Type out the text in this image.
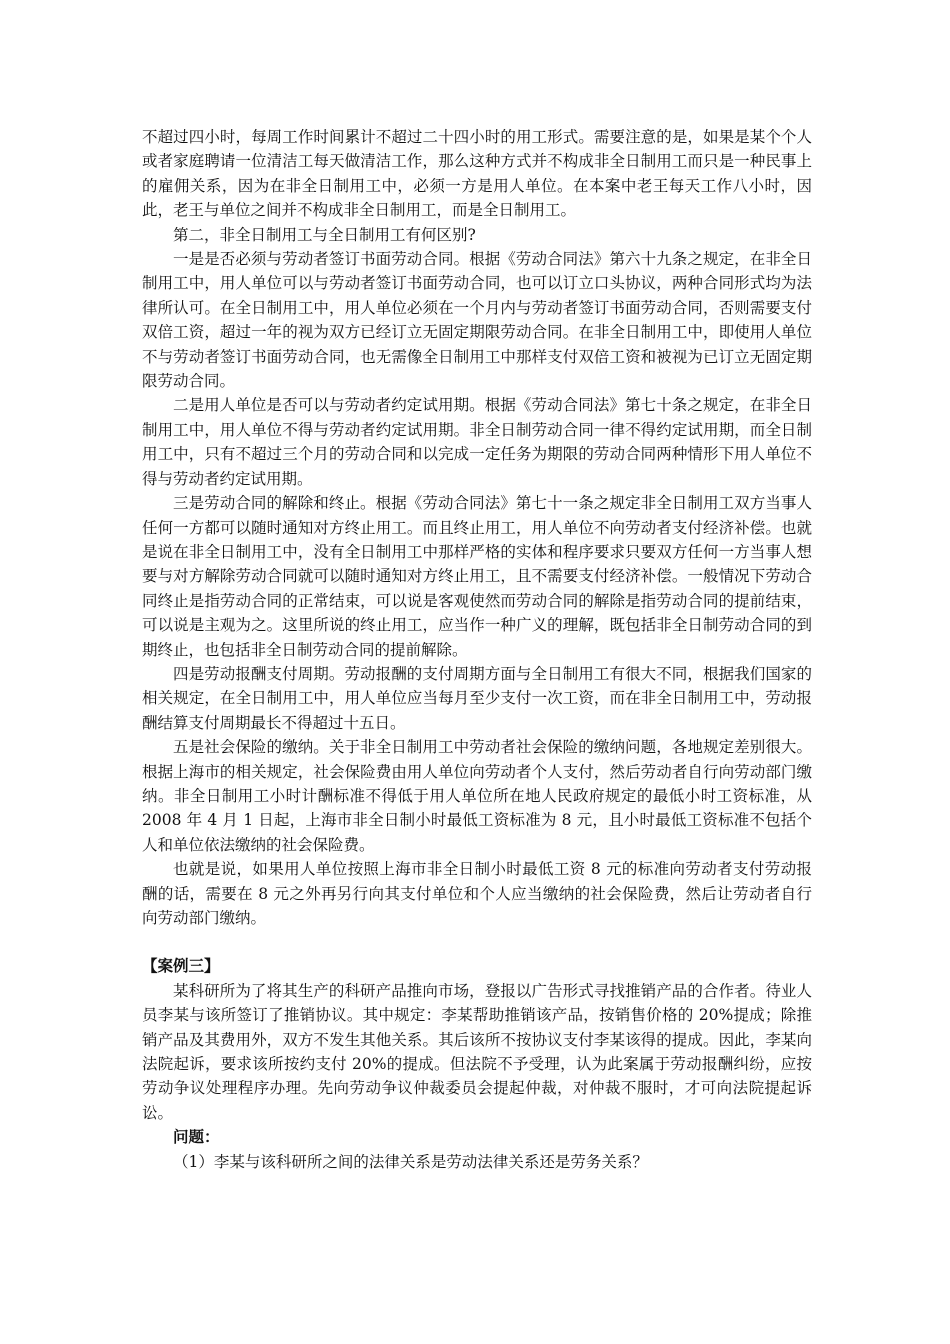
不超过四小时，每周工作时间累计不超过二十四小时的用工形式。需要注意的是，如果是某个个人或者家庭聘请一位清洁工每天做清洁工作，那么这种方式并不构成非全日制用工而只是一种民事上的雇佣关系，因为在非全日制用工中，必须一方是用人单位。在本案中老王每天工作八小时，因此，老王与单位之间并不构成非全日制用工，而是全日制用工。

第二，非全日制用工与全日制用工有何区别?

一是是否必须与劳动者签订书面劳动合同。根据《劳动合同法》第六十九条之规定，在非全日制用工中，用人单位可以与劳动者签订书面劳动合同，也可以订立口头协议，两种合同形式均为法律所认可。在全日制用工中，用人单位必须在一个月内与劳动者签订书面劳动合同，否则需要支付双倍工资，超过一年的视为双方已经订立无固定期限劳动合同。在非全日制用工中，即使用人单位不与劳动者签订书面劳动合同，也无需像全日制用工中那样支付双倍工资和被视为已订立无固定期限劳动合同。

二是用人单位是否可以与劳动者约定试用期。根据《劳动合同法》第七十条之规定，在非全日制用工中，用人单位不得与劳动者约定试用期。非全日制劳动合同一律不得约定试用期，而全日制用工中，只有不超过三个月的劳动合同和以完成一定任务为期限的劳动合同两种情形下用人单位不得与劳动者约定试用期。

三是劳动合同的解除和终止。根据《劳动合同法》第七十一条之规定非全日制用工双方当事人任何一方都可以随时通知对方终止用工。而且终止用工，用人单位不向劳动者支付经济补偿。也就是说在非全日制用工中，没有全日制用工中那样严格的实体和程序要求只要双方任何一方当事人想要与对方解除劳动合同就可以随时通知对方终止用工，且不需要支付经济补偿。一般情况下劳动合同终止是指劳动合同的正常结束，可以说是客观使然而劳动合同的解除是指劳动合同的提前结束，可以说是主观为之。这里所说的终止用工，应当作一种广义的理解，既包括非全日制劳动合同的到期终止，也包括非全日制劳动合同的提前解除。

四是劳动报酬支付周期。劳动报酬的支付周期方面与全日制用工有很大不同，根据我们国家的相关规定，在全日制用工中，用人单位应当每月至少支付一次工资，而在非全日制用工中，劳动报酬结算支付周期最长不得超过十五日。

五是社会保险的缴纳。关于非全日制用工中劳动者社会保险的缴纳问题，各地规定差别很大。根据上海市的相关规定，社会保险费由用人单位向劳动者个人支付，然后劳动者自行向劳动部门缴纳。非全日制用工小时计酬标准不得低于用人单位所在地人民政府规定的最低小时工资标准，从 2008 年 4 月 1 日起，上海市非全日制小时最低工资标准为 8 元，且小时最低工资标准不包括个人和单位依法缴纳的社会保险费。

也就是说，如果用人单位按照上海市非全日制小时最低工资 8 元的标准向劳动者支付劳动报酬的话，需要在 8 元之外再另行向其支付单位和个人应当缴纳的社会保险费，然后让劳动者自行向劳动部门缴纳。

【案例三】

某科研所为了将其生产的科研产品推向市场，登报以广告形式寻找推销产品的合作者。待业人员李某与该所签订了推销协议。其中规定：李某帮助推销该产品，按销售价格的 20%提成；除推销产品及其费用外，双方不发生其他关系。其后该所不按协议支付李某该得的提成。因此，李某向法院起诉，要求该所按约支付 20%的提成。但法院不予受理，认为此案属于劳动报酬纠纷，应按劳动争议处理程序办理。先向劳动争议仲裁委员会提起仲裁，对仲裁不服时，才可向法院提起诉讼。

问题：

（1）李某与该科研所之间的法律关系是劳动法律关系还是劳务关系？
